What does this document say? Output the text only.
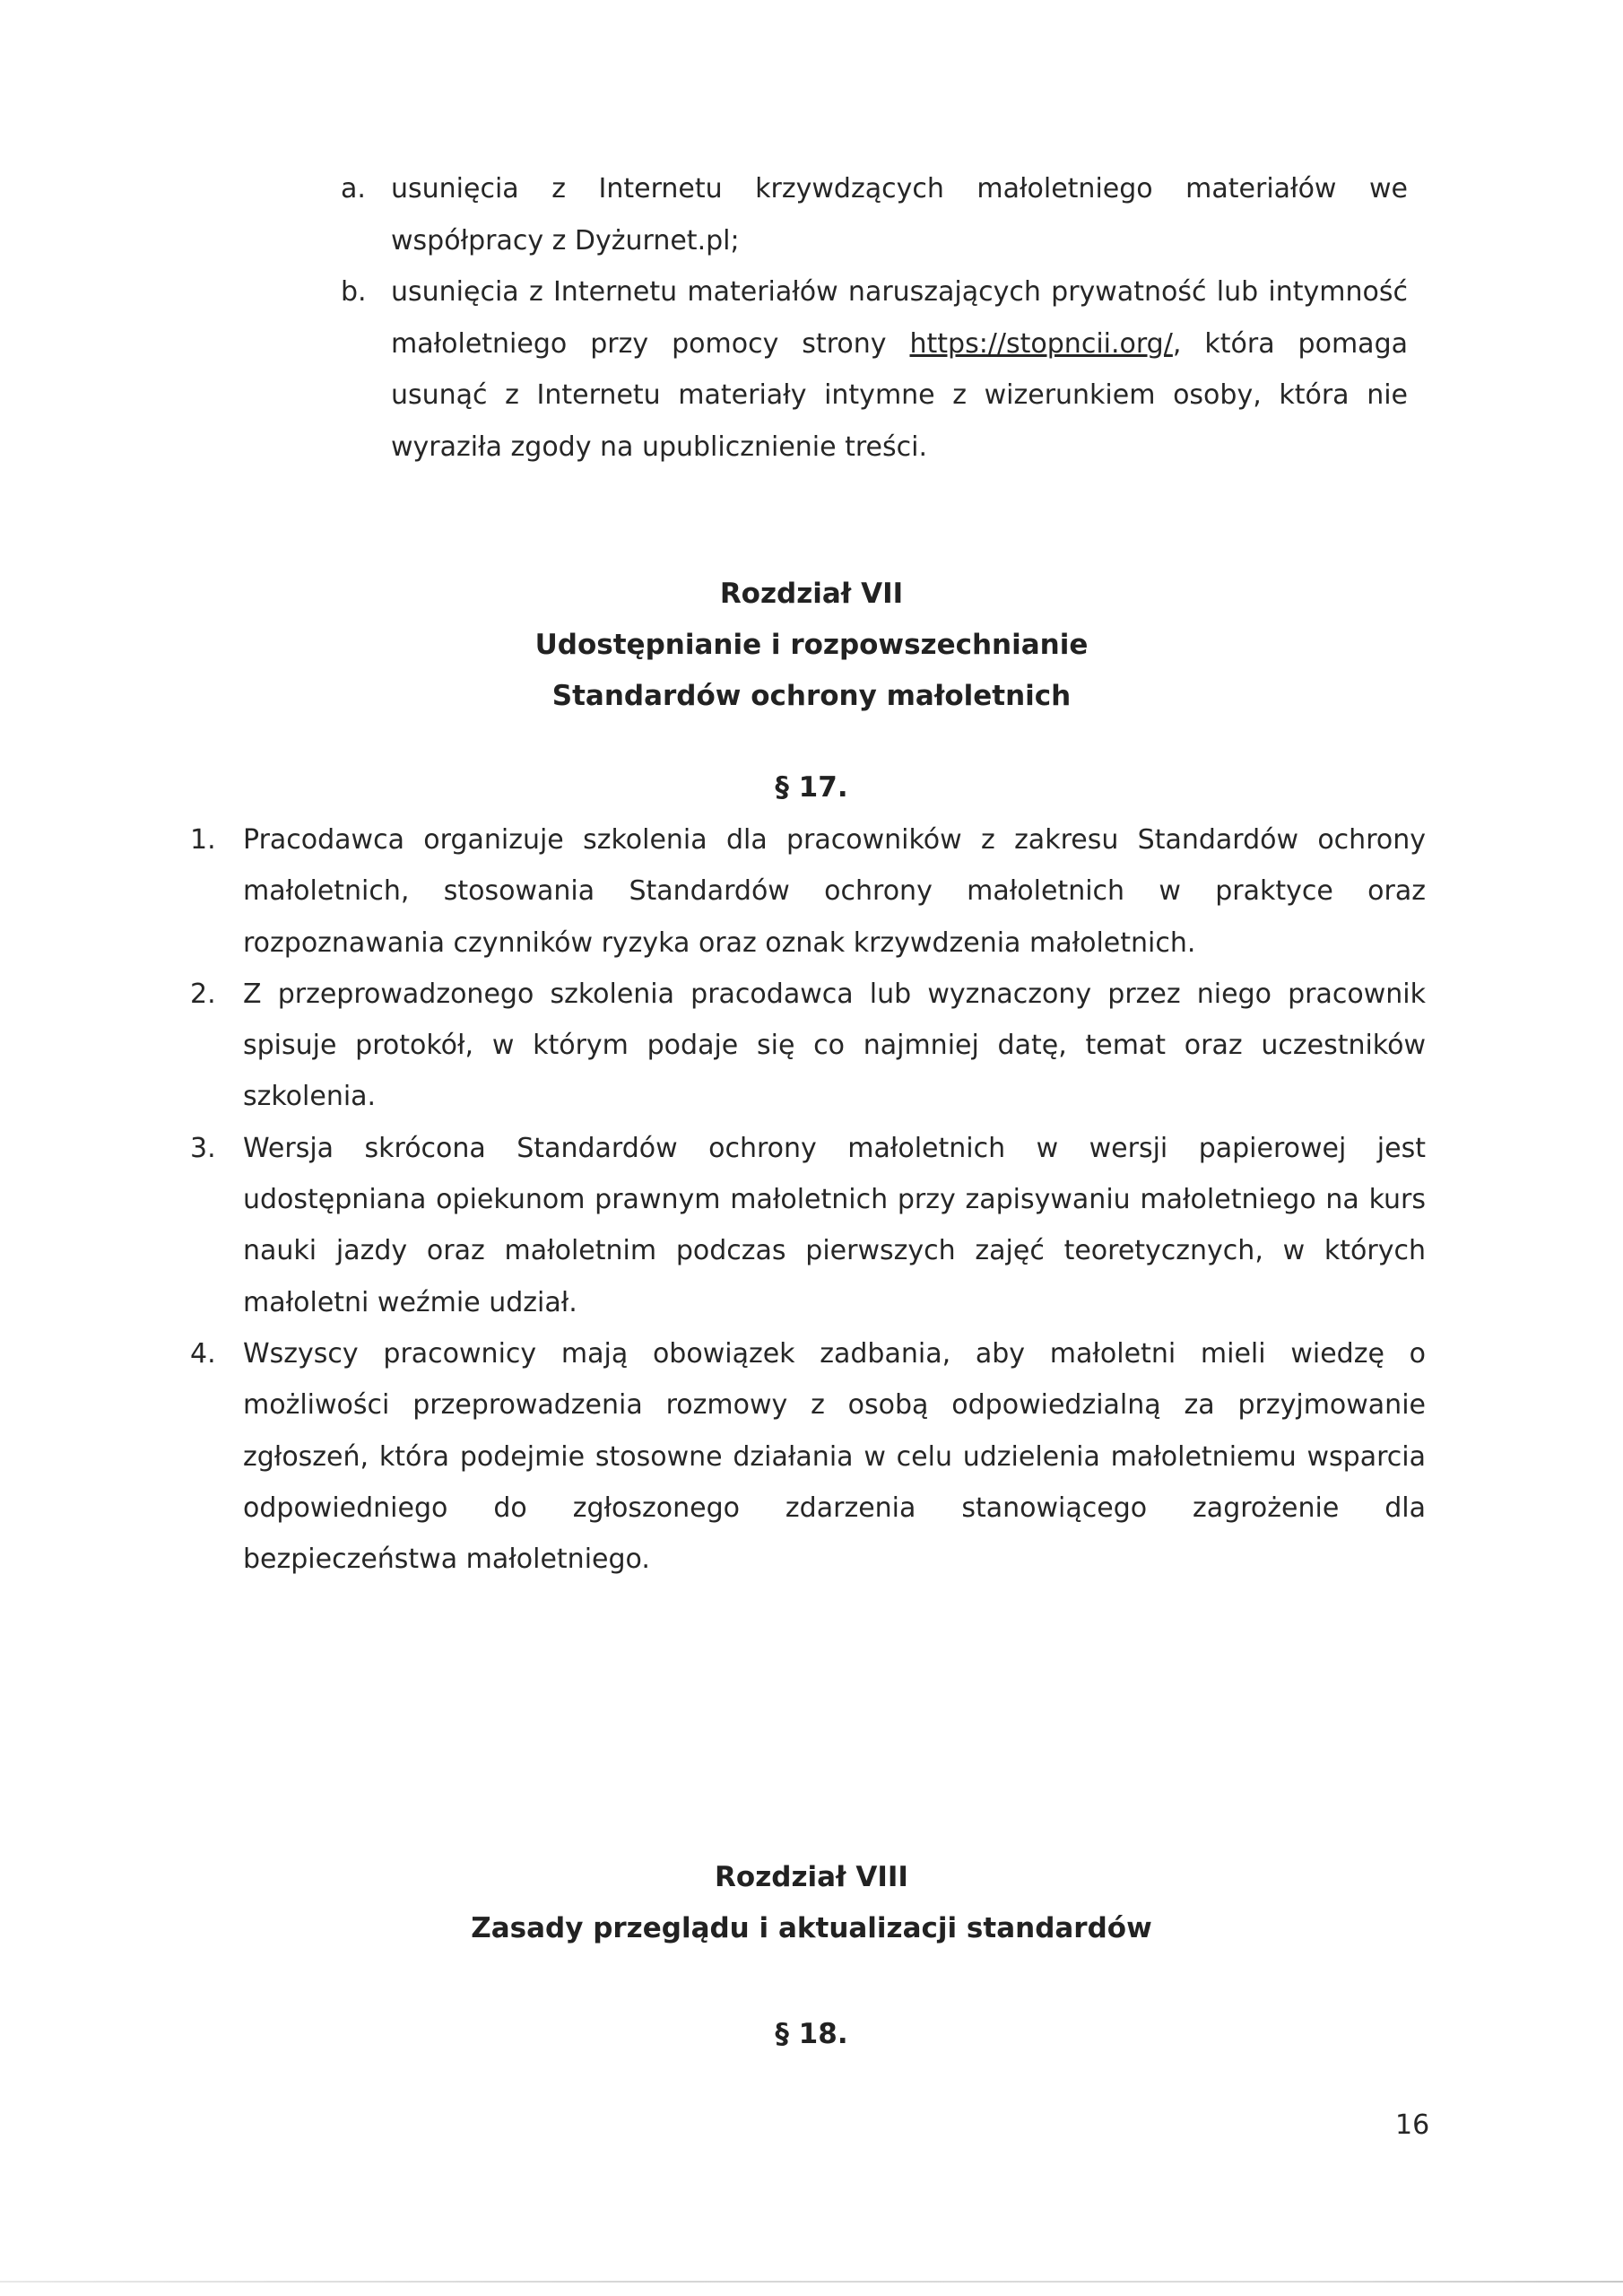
a. usunięcia z Internetu krzywdzących małoletniego materiałów we współpracy z Dyżurnet.pl;
b. usunięcia z Internetu materiałów naruszających prywatność lub intymność małoletniego przy pomocy strony https://stopncii.org/, która pomaga usunąć z Internetu materiały intymne z wizerunkiem osoby, która nie wyraziła zgody na upublicznienie treści.
Rozdział VII
Udostępnianie i rozpowszechnianie
Standardów ochrony małoletnich
§ 17.
1. Pracodawca organizuje szkolenia dla pracowników z zakresu Standardów ochrony małoletnich, stosowania Standardów ochrony małoletnich w praktyce oraz rozpoznawania czynników ryzyka oraz oznak krzywdzenia małoletnich.
2. Z przeprowadzonego szkolenia pracodawca lub wyznaczony przez niego pracownik spisuje protokół, w którym podaje się co najmniej datę, temat oraz uczestników szkolenia.
3. Wersja skrócona Standardów ochrony małoletnich w wersji papierowej jest udostępniana opiekunom prawnym małoletnich przy zapisywaniu małoletniego na kurs nauki jazdy oraz małoletnim podczas pierwszych zajęć teoretycznych, w których małoletni weźmie udział.
4. Wszyscy pracownicy mają obowiązek zadbania, aby małoletni mieli wiedzę o możliwości przeprowadzenia rozmowy z osobą odpowiedzialną za przyjmowanie zgłoszeń, która podejmie stosowne działania w celu udzielenia małoletniemu wsparcia odpowiedniego do zgłoszonego zdarzenia stanowiącego zagrożenie dla bezpieczeństwa małoletniego.
Rozdział VIII
Zasady przeglądu i aktualizacji standardów
§ 18.
16
